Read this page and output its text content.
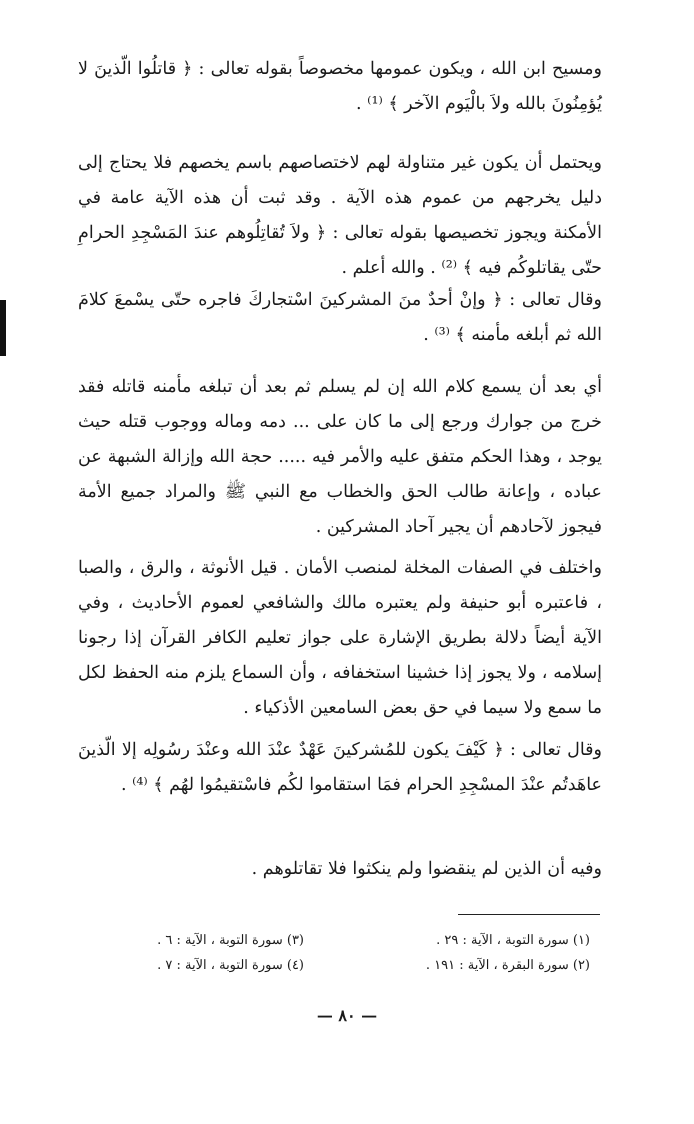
ومسيح ابن الله ، ويكون عمومها مخصوصاً بقوله تعالى : ﴿ قاتلُوا الّذينَ لا يُؤمِنُونَ بالله ولاَ بالْيَوم الآخر ﴾ ⁽¹⁾ .

ويحتمل أن يكون غير متناولة لهم لاختصاصهم باسم يخصهم فلا يحتاج إلى دليل يخرجهم من عموم هذه الآية . وقد ثبت أن هذه الآية عامة في الأمكنة ويجوز تخصيصها بقوله تعالى : ﴿ ولاَ تُقاتِلُوهم عندَ المَسْجِدِ الحرامِ حتّى يقاتلوكُم فيه ﴾ ⁽²⁾ . والله أعلم .

وقال تعالى : ﴿ وإنْ أحدٌ منَ المشركينَ اسْتجاركَ فاجره حتّى يسْمعَ كلامَ الله ثم أبلغه مأمنه ﴾ ⁽³⁾ .

أي بعد أن يسمع كلام الله إن لم يسلم ثم بعد أن تبلغه مأمنه قاتله فقد خرج من جوارك ورجع إلى ما كان على ... دمه وماله ووجوب قتله حيث يوجد ، وهذا الحكم متفق عليه والأمر فيه ..... حجة الله وإزالة الشبهة عن عباده ، وإعانة طالب الحق والخطاب مع النبي ﷺ والمراد جميع الأمة فيجوز لآحادهم أن يجير آحاد المشركين .

واختلف في الصفات المخلة لمنصب الأمان . قيل الأنوثة ، والرق ، والصبا ، فاعتبره أبو حنيفة ولم يعتبره مالك والشافعي لعموم الأحاديث ، وفي الآية أيضاً دلالة بطريق الإشارة على جواز تعليم الكافر القرآن إذا رجونا إسلامه ، ولا يجوز إذا خشينا استخفافه ، وأن السماع يلزم منه الحفظ لكل ما سمع ولا سيما في حق بعض السامعين الأذكياء .

وقال تعالى : ﴿ كَيْفَ يكون للمُشركينَ عَهْدٌ عنْدَ الله وعنْدَ رسُولِه إلا الّذينَ عاهَدتُم عنْدَ المسْجِدِ الحرام فمَا استقاموا لكُم فاسْتقيمُوا لهُم ﴾ ⁽⁴⁾ .

وفيه أن الذين لم ينقضوا ولم ينكثوا فلا تقاتلوهم .

(١) سورة التوبة ، الآية : ٢٩ .
(٢) سورة البقرة ، الآية : ١٩١ .
(٣) سورة التوبة ، الآية : ٦ .
(٤) سورة التوبة ، الآية : ٧ .
— ٨٠ —
